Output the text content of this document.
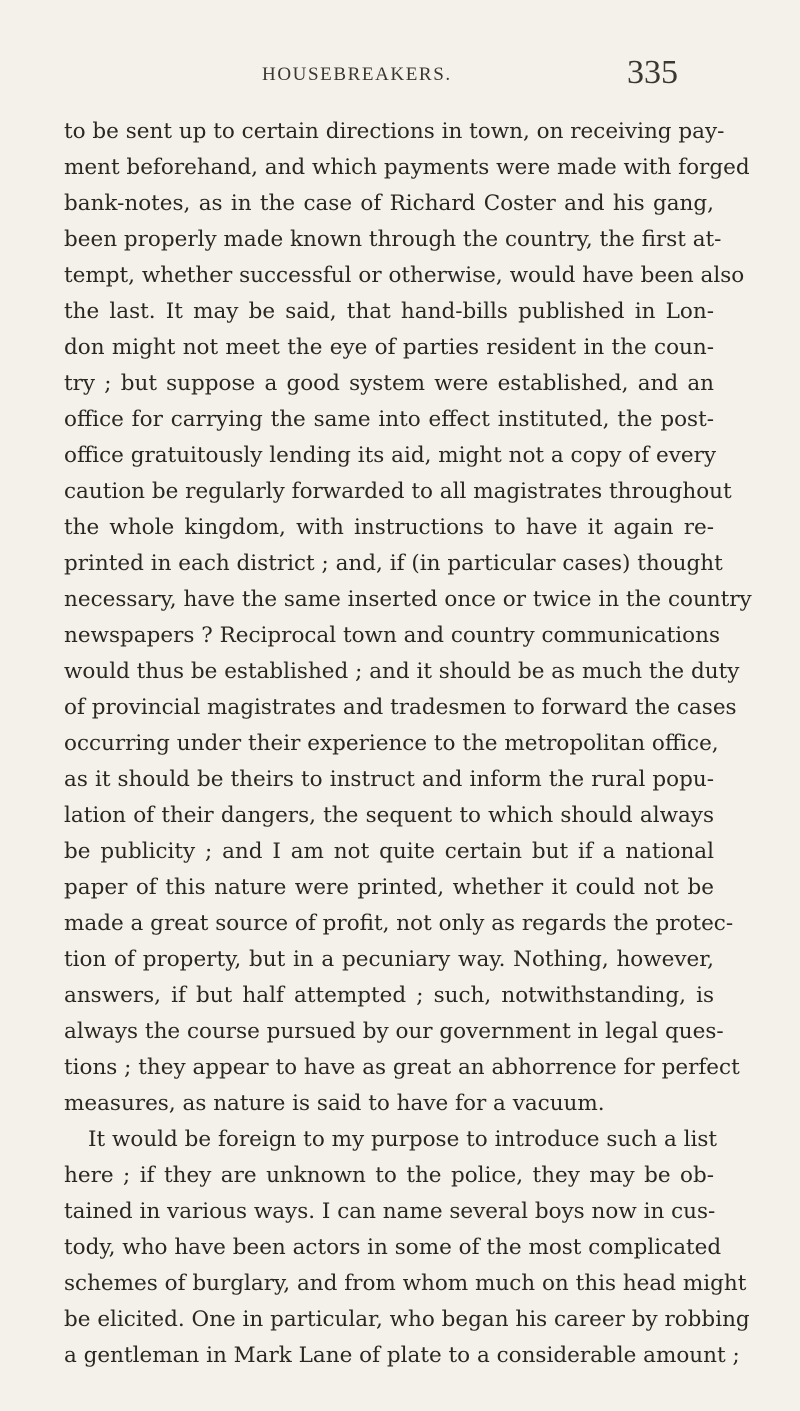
HOUSEBREAKERS.	335
to be sent up to certain directions in town, on receiving pay-
ment beforehand, and which payments were made with forged
bank-notes, as in the case of Richard Coster and his gang,
been properly made known through the country, the first at-
tempt, whether successful or otherwise, would have been also
the last. It may be said, that hand-bills published in Lon-
don might not meet the eye of parties resident in the coun-
try ; but suppose a good system were established, and an
office for carrying the same into effect instituted, the post-
office gratuitously lending its aid, might not a copy of every
caution be regularly forwarded to all magistrates throughout
the whole kingdom, with instructions to have it again re-
printed in each district ; and, if (in particular cases) thought
necessary, have the same inserted once or twice in the country
newspapers ? Reciprocal town and country communications
would thus be established ; and it should be as much the duty
of provincial magistrates and tradesmen to forward the cases
occurring under their experience to the metropolitan office,
as it should be theirs to instruct and inform the rural popu-
lation of their dangers, the sequent to which should always
be publicity ; and I am not quite certain but if a national
paper of this nature were printed, whether it could not be
made a great source of profit, not only as regards the protec-
tion of property, but in a pecuniary way. Nothing, however,
answers, if but half attempted ; such, notwithstanding, is
always the course pursued by our government in legal ques-
tions ; they appear to have as great an abhorrence for perfect
measures, as nature is said to have for a vacuum.
It would be foreign to my purpose to introduce such a list
here ; if they are unknown to the police, they may be ob-
tained in various ways. I can name several boys now in cus-
tody, who have been actors in some of the most complicated
schemes of burglary, and from whom much on this head might
be elicited. One in particular, who began his career by robbing
a gentleman in Mark Lane of plate to a considerable amount ;
